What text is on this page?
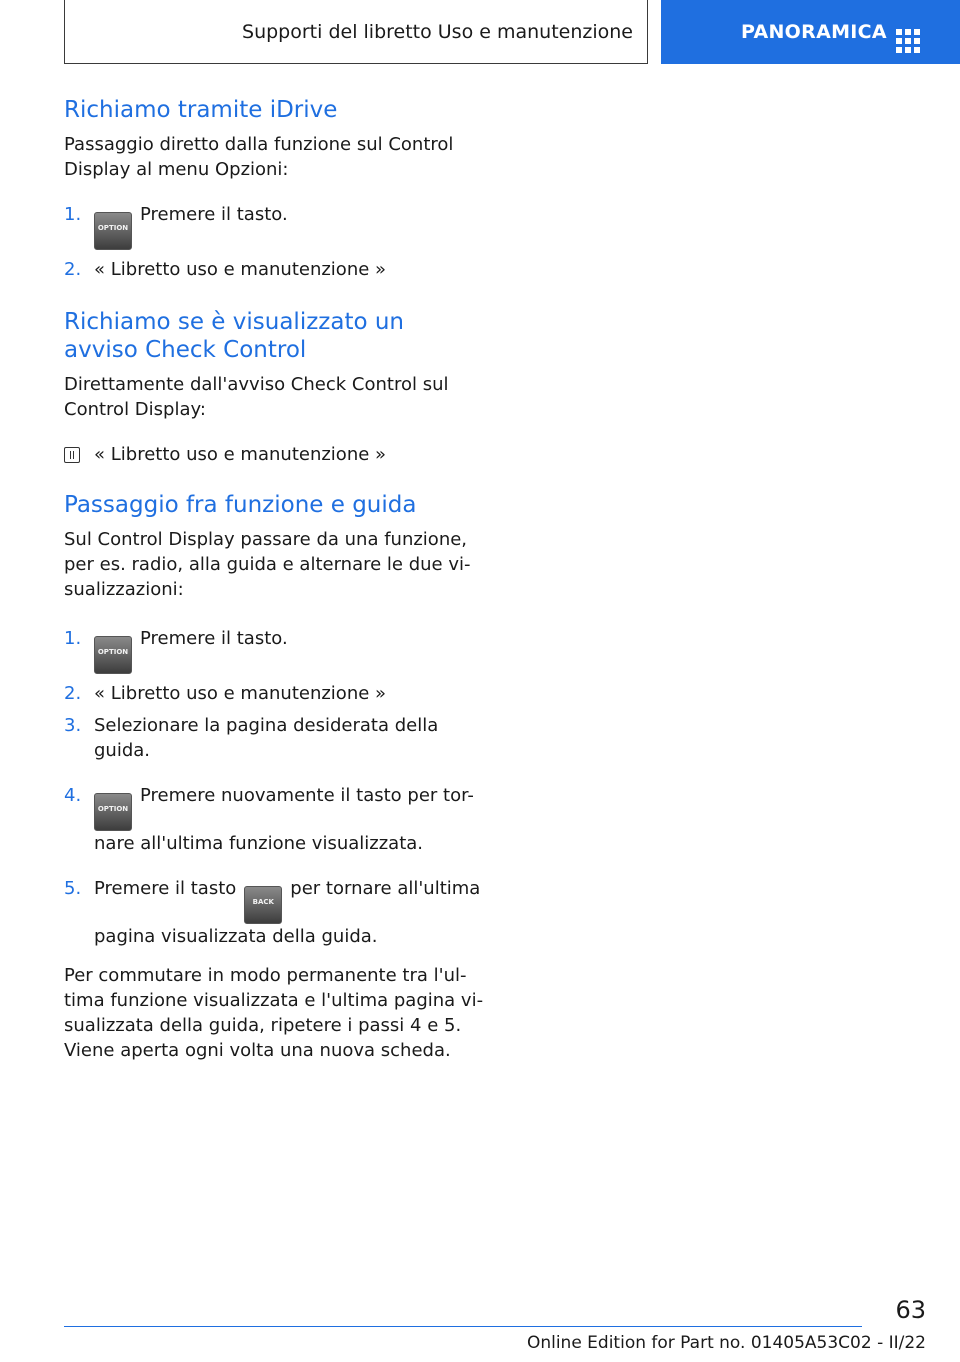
Supporti del libretto Uso e manutenzione	PANORAMICA
Richiamo tramite iDrive

Passaggio diretto dalla funzione sul Control Display al menu Opzioni:

1.
OPTIONPremere il tasto.
2. « Libretto uso e manutenzione »
Richiamo se è visualizzato un avviso Check Control

Direttamente dall'avviso Check Control sul Control Display:

« Libretto uso e manutenzione »
Passaggio fra funzione e guida

Sul Control Display passare da una funzione, per es. radio, alla guida e alternare le due vi- sualizzazioni:

1.
OPTIONPremere il tasto.
2. « Libretto uso e manutenzione »
3. Selezionare la pagina desiderata della guida.
4.
OPTIONPremere nuovamente il tasto per tor- nare all'ultima funzione visualizzata.
5. Premere il tastoBACKper tornare all'ultima pagina visualizzata della guida.

Per commutare in modo permanente tra l'ul- tima funzione visualizzata e l'ultima pagina vi- sualizzata della guida, ripetere i passi 4 e 5.

Viene aperta ogni volta una nuova scheda.

63
Online Edition for Part no. 01405A53C02 - II/22
